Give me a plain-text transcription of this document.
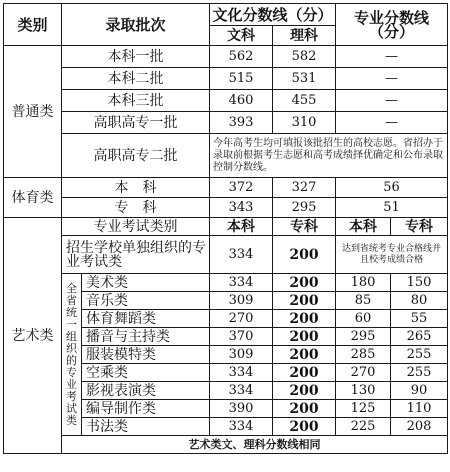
类别	录取批次		文化分数线（分）		专业分数线
（分）	

			文科	理科		
普通类	本科一批		562	582	—	
	本科二批		515	531	—	
	本科三批		460	455	—	
	高职高专一批		393	310	—	
	高职高专二批		今年高考生均可填报该批招生的高校志愿。省招办于录取前根据考生志愿和高考成绩择优确定和公布录取控制分数线。			
体育类	本　科		372	327	56	
	专　科		343	295	51	
艺术类	专业考试类别		本科	专科	本科	专科
	招生学校单独组织的专业考试类		334	200	达到省统考专业合格线并且校考成绩合格	

	全省统一组织的专业考试类	美术类	334	200	180	150
		音乐类	309	200	85	80
		体育舞蹈类	270	200	60	55
		播音与主持类	370	200	295	265
		服装模特类	309	200	285	255
		空乘类	334	200	270	255
		影视表演类	334	200	130	90
		编导制作类	390	200	125	110
		书法类	334	200	225	208
	艺术类文、理科分数线相同					
